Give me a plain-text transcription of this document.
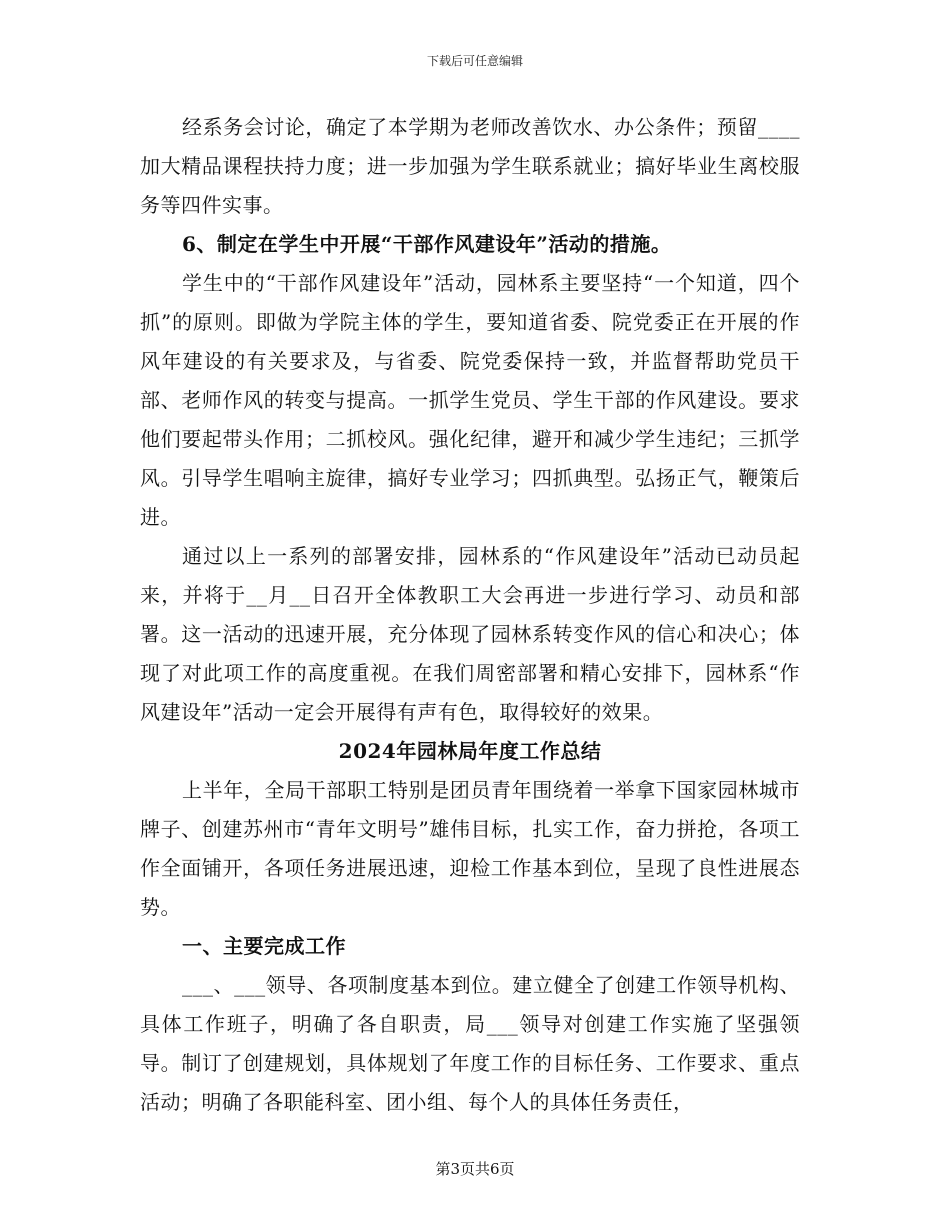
下载后可任意编辑

经系务会讨论，确定了本学期为老师改善饮水、办公条件；预留____加大精品课程扶持力度；进一步加强为学生联系就业；搞好毕业生离校服务等四件实事。

6、制定在学生中开展“干部作风建设年”活动的措施。

学生中的“干部作风建设年”活动，园林系主要坚持“一个知道，四个抓”的原则。即做为学院主体的学生，要知道省委、院党委正在开展的作风年建设的有关要求及，与省委、院党委保持一致，并监督帮助党员干部、老师作风的转变与提高。一抓学生党员、学生干部的作风建设。要求他们要起带头作用；二抓校风。强化纪律，避开和减少学生违纪；三抓学风。引导学生唱响主旋律，搞好专业学习；四抓典型。弘扬正气，鞭策后进。

通过以上一系列的部署安排，园林系的“作风建设年”活动已动员起来，并将于__月__日召开全体教职工大会再进一步进行学习、动员和部署。这一活动的迅速开展，充分体现了园林系转变作风的信心和决心；体现了对此项工作的高度重视。在我们周密部署和精心安排下，园林系“作风建设年”活动一定会开展得有声有色，取得较好的效果。

2024年园林局年度工作总结

上半年，全局干部职工特别是团员青年围绕着一举拿下国家园林城市牌子、创建苏州市“青年文明号”雄伟目标，扎实工作，奋力拼抢，各项工作全面铺开，各项任务进展迅速，迎检工作基本到位，呈现了良性进展态势。

一、主要完成工作

___、___领导、各项制度基本到位。建立健全了创建工作领导机构、具体工作班子，明确了各自职责，局___领导对创建工作实施了坚强领导。制订了创建规划，具体规划了年度工作的目标任务、工作要求、重点活动；明确了各职能科室、团小组、每个人的具体任务责任，

第3页共6页
